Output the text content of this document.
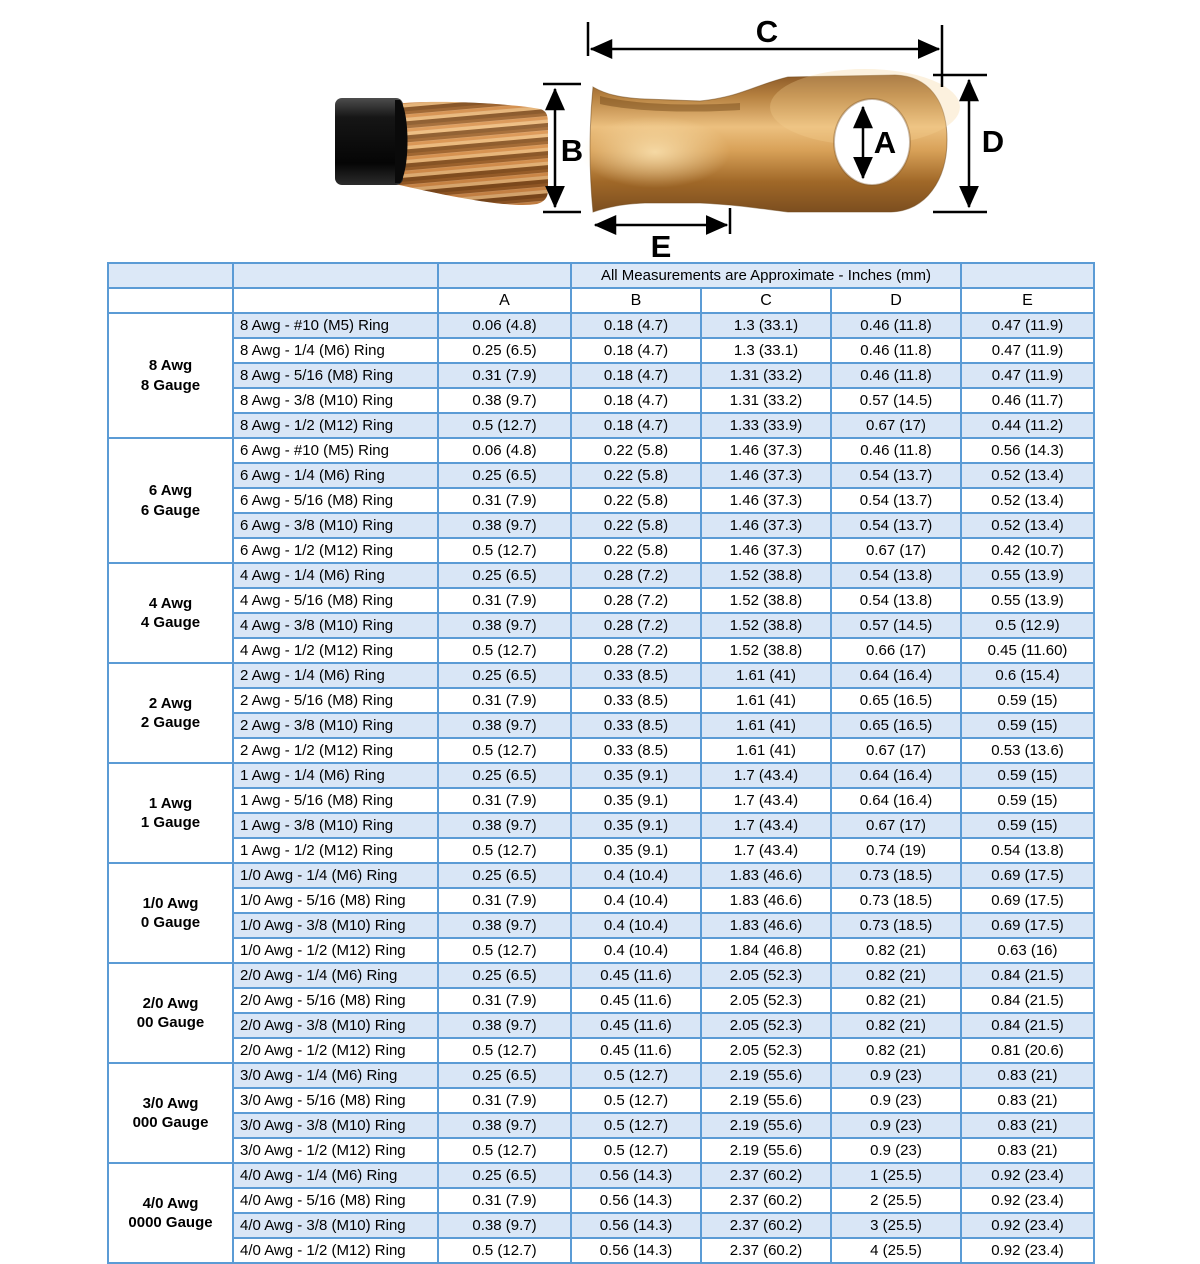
C
B	A	D
E
			All Measurements are Approximate - Inches (mm)			
		A	B	C	D	E

8 Awg
8 Gauge	8 Awg - #10 (M5) Ring	0.06 (4.8)	0.18 (4.7)	1.3 (33.1)	0.46 (11.8)	0.47 (11.9)
	8 Awg - 1/4 (M6) Ring	0.25 (6.5)	0.18 (4.7)	1.3 (33.1)	0.46 (11.8)	0.47 (11.9)
	8 Awg - 5/16 (M8) Ring	0.31 (7.9)	0.18 (4.7)	1.31 (33.2)	0.46 (11.8)	0.47 (11.9)
	8 Awg - 3/8 (M10) Ring	0.38 (9.7)	0.18 (4.7)	1.31 (33.2)	0.57 (14.5)	0.46 (11.7)
	8 Awg - 1/2 (M12) Ring	0.5 (12.7)	0.18 (4.7)	1.33 (33.9)	0.67 (17)	0.44 (11.2)

6 Awg
6 Gauge	6 Awg - #10 (M5) Ring	0.06 (4.8)	0.22 (5.8)	1.46 (37.3)	0.46 (11.8)	0.56 (14.3)
	6 Awg - 1/4 (M6) Ring	0.25 (6.5)	0.22 (5.8)	1.46 (37.3)	0.54 (13.7)	0.52 (13.4)
	6 Awg - 5/16 (M8) Ring	0.31 (7.9)	0.22 (5.8)	1.46 (37.3)	0.54 (13.7)	0.52 (13.4)
	6 Awg - 3/8 (M10) Ring	0.38 (9.7)	0.22 (5.8)	1.46 (37.3)	0.54 (13.7)	0.52 (13.4)
	6 Awg - 1/2 (M12) Ring	0.5 (12.7)	0.22 (5.8)	1.46 (37.3)	0.67 (17)	0.42 (10.7)

4 Awg
4 Gauge	4 Awg - 1/4 (M6) Ring	0.25 (6.5)	0.28 (7.2)	1.52 (38.8)	0.54 (13.8)	0.55 (13.9)
	4 Awg - 5/16 (M8) Ring	0.31 (7.9)	0.28 (7.2)	1.52 (38.8)	0.54 (13.8)	0.55 (13.9)
	4 Awg - 3/8 (M10) Ring	0.38 (9.7)	0.28 (7.2)	1.52 (38.8)	0.57 (14.5)	0.5 (12.9)
	4 Awg - 1/2 (M12) Ring	0.5 (12.7)	0.28 (7.2)	1.52 (38.8)	0.66 (17)	0.45 (11.60)

2 Awg
2 Gauge	2 Awg - 1/4 (M6) Ring	0.25 (6.5)	0.33 (8.5)	1.61 (41)	0.64 (16.4)	0.6 (15.4)
	2 Awg - 5/16 (M8) Ring	0.31 (7.9)	0.33 (8.5)	1.61 (41)	0.65 (16.5)	0.59 (15)
	2 Awg - 3/8 (M10) Ring	0.38 (9.7)	0.33 (8.5)	1.61 (41)	0.65 (16.5)	0.59 (15)
	2 Awg - 1/2 (M12) Ring	0.5 (12.7)	0.33 (8.5)	1.61 (41)	0.67 (17)	0.53 (13.6)

1 Awg
1 Gauge	1 Awg - 1/4 (M6) Ring	0.25 (6.5)	0.35 (9.1)	1.7 (43.4)	0.64 (16.4)	0.59 (15)
	1 Awg - 5/16 (M8) Ring	0.31 (7.9)	0.35 (9.1)	1.7 (43.4)	0.64 (16.4)	0.59 (15)
	1 Awg - 3/8 (M10) Ring	0.38 (9.7)	0.35 (9.1)	1.7 (43.4)	0.67 (17)	0.59 (15)
	1 Awg - 1/2 (M12) Ring	0.5 (12.7)	0.35 (9.1)	1.7 (43.4)	0.74 (19)	0.54 (13.8)

1/0 Awg
0 Gauge	1/0 Awg - 1/4 (M6) Ring	0.25 (6.5)	0.4 (10.4)	1.83 (46.6)	0.73 (18.5)	0.69 (17.5)
	1/0 Awg - 5/16 (M8) Ring	0.31 (7.9)	0.4 (10.4)	1.83 (46.6)	0.73 (18.5)	0.69 (17.5)
	1/0 Awg - 3/8 (M10) Ring	0.38 (9.7)	0.4 (10.4)	1.83 (46.6)	0.73 (18.5)	0.69 (17.5)
	1/0 Awg - 1/2 (M12) Ring	0.5 (12.7)	0.4 (10.4)	1.84 (46.8)	0.82 (21)	0.63 (16)

2/0 Awg
00 Gauge	2/0 Awg - 1/4 (M6) Ring	0.25 (6.5)	0.45 (11.6)	2.05 (52.3)	0.82 (21)	0.84 (21.5)
	2/0 Awg - 5/16 (M8) Ring	0.31 (7.9)	0.45 (11.6)	2.05 (52.3)	0.82 (21)	0.84 (21.5)
	2/0 Awg - 3/8 (M10) Ring	0.38 (9.7)	0.45 (11.6)	2.05 (52.3)	0.82 (21)	0.84 (21.5)
	2/0 Awg - 1/2 (M12) Ring	0.5 (12.7)	0.45 (11.6)	2.05 (52.3)	0.82 (21)	0.81 (20.6)

3/0 Awg
000 Gauge	3/0 Awg - 1/4 (M6) Ring	0.25 (6.5)	0.5 (12.7)	2.19 (55.6)	0.9 (23)	0.83 (21)
	3/0 Awg - 5/16 (M8) Ring	0.31 (7.9)	0.5 (12.7)	2.19 (55.6)	0.9 (23)	0.83 (21)
	3/0 Awg - 3/8 (M10) Ring	0.38 (9.7)	0.5 (12.7)	2.19 (55.6)	0.9 (23)	0.83 (21)
	3/0 Awg - 1/2 (M12) Ring	0.5 (12.7)	0.5 (12.7)	2.19 (55.6)	0.9 (23)	0.83 (21)

4/0 Awg
0000 Gauge	4/0 Awg - 1/4 (M6) Ring	0.25 (6.5)	0.56 (14.3)	2.37 (60.2)	1 (25.5)	0.92 (23.4)
	4/0 Awg - 5/16 (M8) Ring	0.31 (7.9)	0.56 (14.3)	2.37 (60.2)	2 (25.5)	0.92 (23.4)
	4/0 Awg - 3/8 (M10) Ring	0.38 (9.7)	0.56 (14.3)	2.37 (60.2)	3 (25.5)	0.92 (23.4)
	4/0 Awg - 1/2 (M12) Ring	0.5 (12.7)	0.56 (14.3)	2.37 (60.2)	4 (25.5)	0.92 (23.4)
